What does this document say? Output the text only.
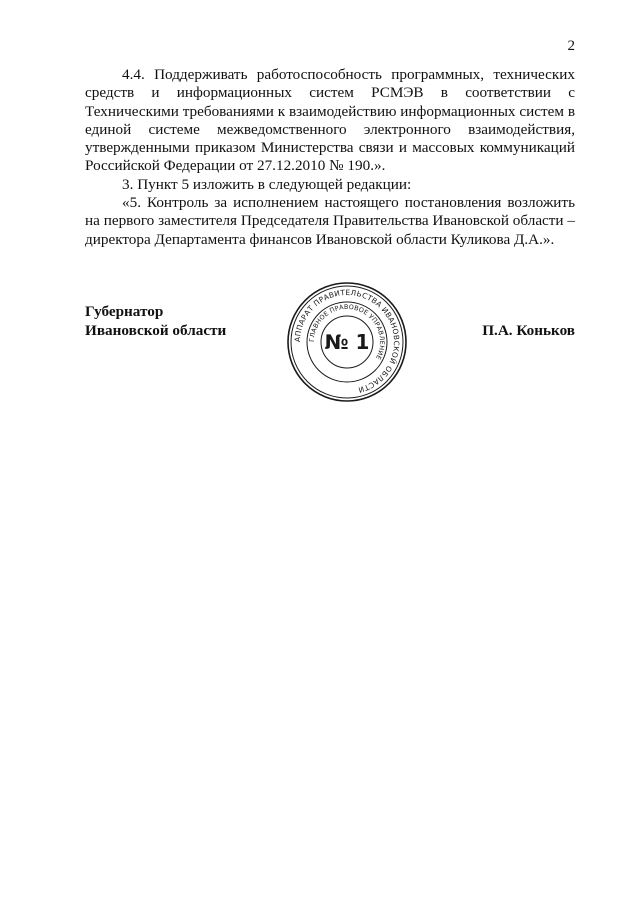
2

4.4. Поддерживать работоспособность программных, технических средств и информационных систем РСМЭВ в соответствии с Техническими требованиями к взаимодействию информационных систем в единой системе межведомственного электронного взаимодействия, утвержденными приказом Министерства связи и массовых коммуникаций Российской Федерации от 27.12.2010 № 190.».

3. Пункт 5 изложить в следующей редакции:

«5. Контроль за исполнением настоящего постановления возложить на первого заместителя Председателя Правительства Ивановской области – директора Департамента финансов Ивановской области Куликова Д.А.».

Губернатор
Ивановской области	П.А. Коньков
АППАРАТ ПРАВИТЕЛЬСТВА ИВАНОВСКОЙ ОБЛАСТИ
ГЛАВНОЕ ПРАВОВОЕ УПРАВЛЕНИЕ
№ 1
